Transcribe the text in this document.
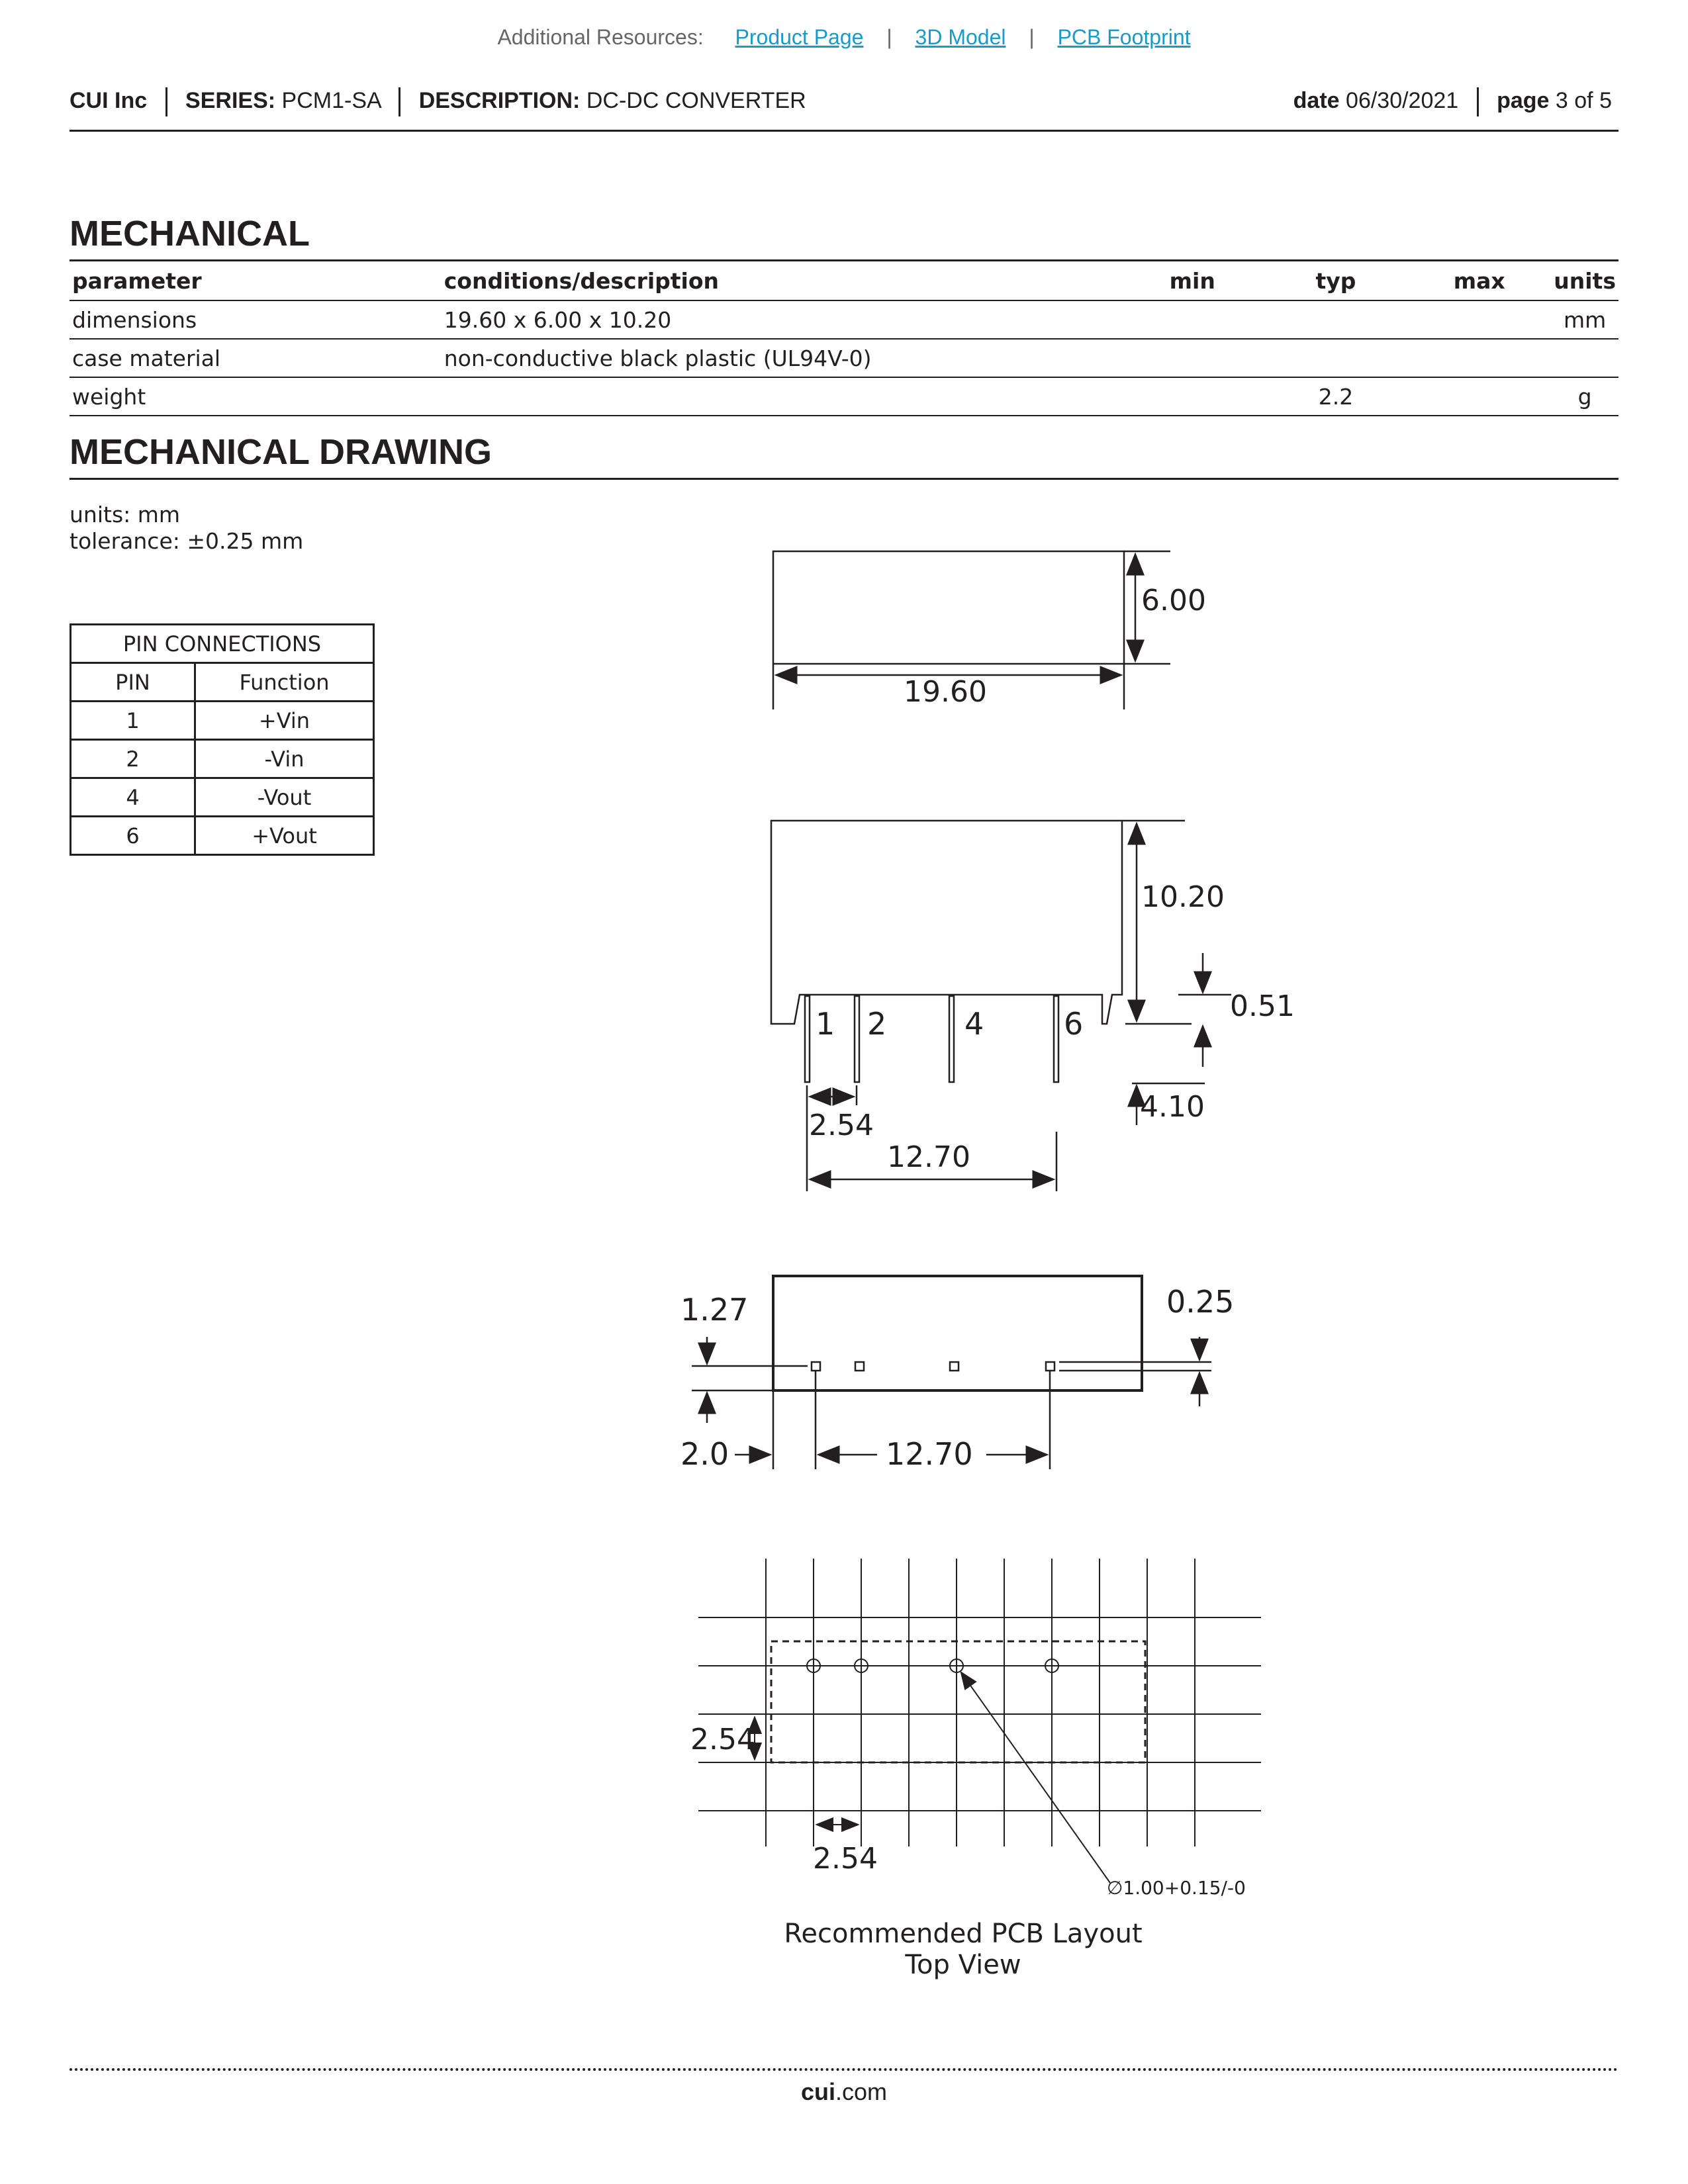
Additional Resources: Product Page | 3D Model | PCB Footprint
CUI Inc SERIES: PCM1-SA DESCRIPTION: DC-DC CONVERTER	date 06/30/2021 page 3 of 5
MECHANICAL
parameter	conditions/description	min	typ	max	units
dimensions	19.60 x 6.00 x 10.20				mm
case material	non-conductive black plastic (UL94V-0)				
weight			2.2		g
MECHANICAL DRAWING
units: mm
tolerance: ±0.25 mm
PIN CONNECTIONS	
PIN	Function
1	+Vin
2	-Vin
4	-Vout
6	+Vout
6.00
19.60
1 2	4	6
10.20
0.51
4.10
2.54
12.70
1.27	0.25
2.0	12.70
2.54
2.54
∅1.00+0.15/-0
Recommended PCB Layout
Top View
cui.com
